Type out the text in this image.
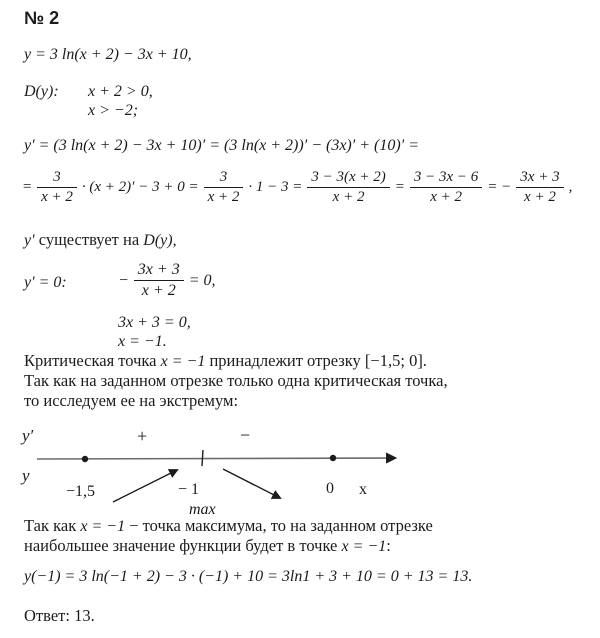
№ 2
y = 3 ln(x + 2) − 3x + 10,
D(y): x + 2 > 0,
x > −2;
y′ = (3 ln(x + 2) − 3x + 10)′ = (3 ln(x + 2))′ − (3x)′ + (10)′ =
= $\frac{3}{x + 2} \cdot (x + 2)' - 3 + 0 = \frac{3}{x + 2} \cdot 1 - 3 = \frac{3 - 3(x + 2)}{x + 2} = \frac{3 - 3x - 6}{x + 2}$ = − $\frac{3x + 3}{x + 2}$ ,
y′ существует на D(y),
y′ = 0:	− $\frac{3x + 3}{x + 2} = 0$,
3x + 3 = 0,
x = −1.
Критическая точка x = −1 принадлежит отрезку [−1,5; 0].
Так как на заданном отрезке только одна критическая точка,
то исследуем ее на экстремум:
y′	+	−
y
−1,5	− 1
max
0 x
Так как x = −1 − точка максимума, то на заданном отрезке
наибольшее значение функции будет в точке x = −1:
y(−1) = 3 ln(−1 + 2) − 3 · (−1) + 10 = 3ln1 + 3 + 10 = 0 + 13 = 13.
Ответ: 13.
